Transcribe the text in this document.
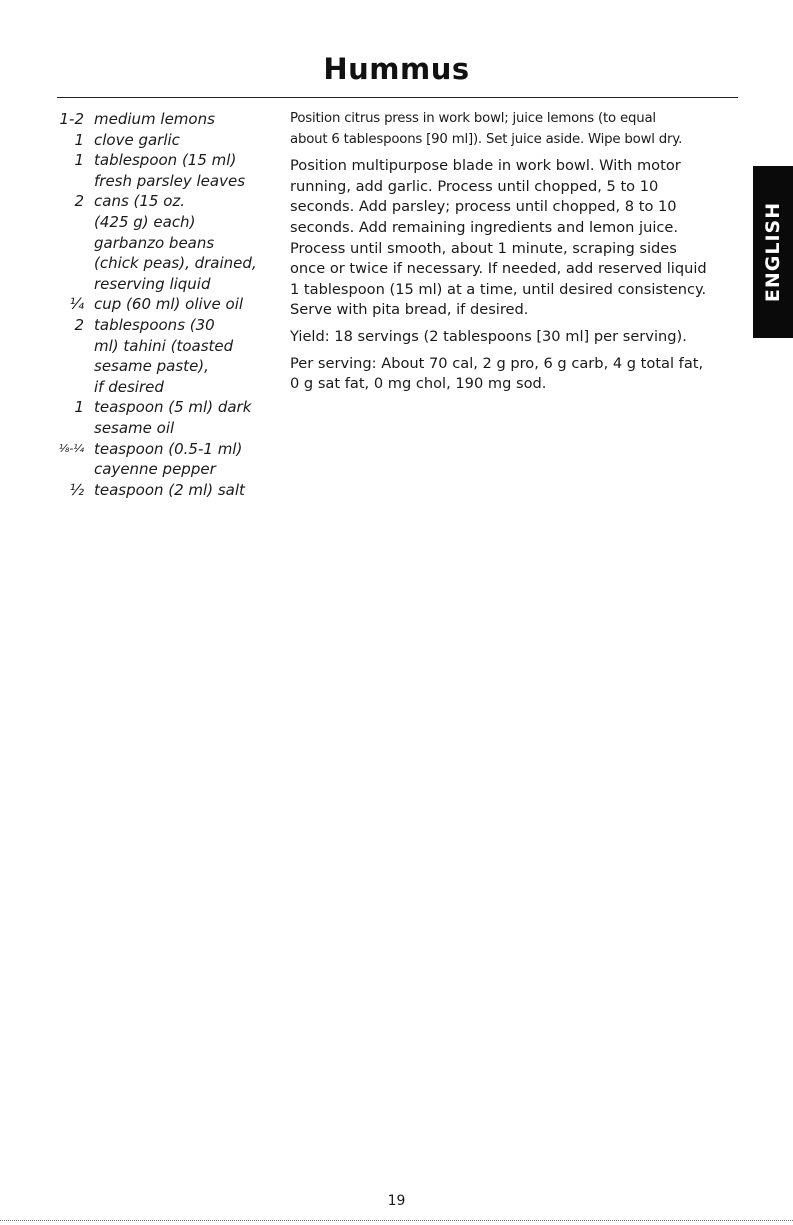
Hummus
1-2 medium lemons
1 clove garlic
1 tablespoon (15 ml)
fresh parsley leaves
2 cans (15 oz.
(425 g) each)
garbanzo beans
(chick peas), drained,
reserving liquid
¼ cup (60 ml) olive oil
2 tablespoons (30
ml) tahini (toasted
sesame paste),
if desired
1 teaspoon (5 ml) dark
sesame oil
⅛-¼ teaspoon (0.5-1 ml)
cayenne pepper
½ teaspoon (2 ml) salt

Position citrus press in work bowl; juice lemons (to equal
about 6 tablespoons [90 ml]). Set juice aside. Wipe bowl dry.

Position multipurpose blade in work bowl. With motor
running, add garlic. Process until chopped, 5 to 10
seconds. Add parsley; process until chopped, 8 to 10
seconds. Add remaining ingredients and lemon juice.
Process until smooth, about 1 minute, scraping sides
once or twice if necessary. If needed, add reserved liquid
1 tablespoon (15 ml) at a time, until desired consistency.
Serve with pita bread, if desired.

Yield: 18 servings (2 tablespoons [30 ml] per serving).

Per serving: About 70 cal, 2 g pro, 6 g carb, 4 g total fat,
0 g sat fat, 0 mg chol, 190 mg sod.

ENGLISH
19
